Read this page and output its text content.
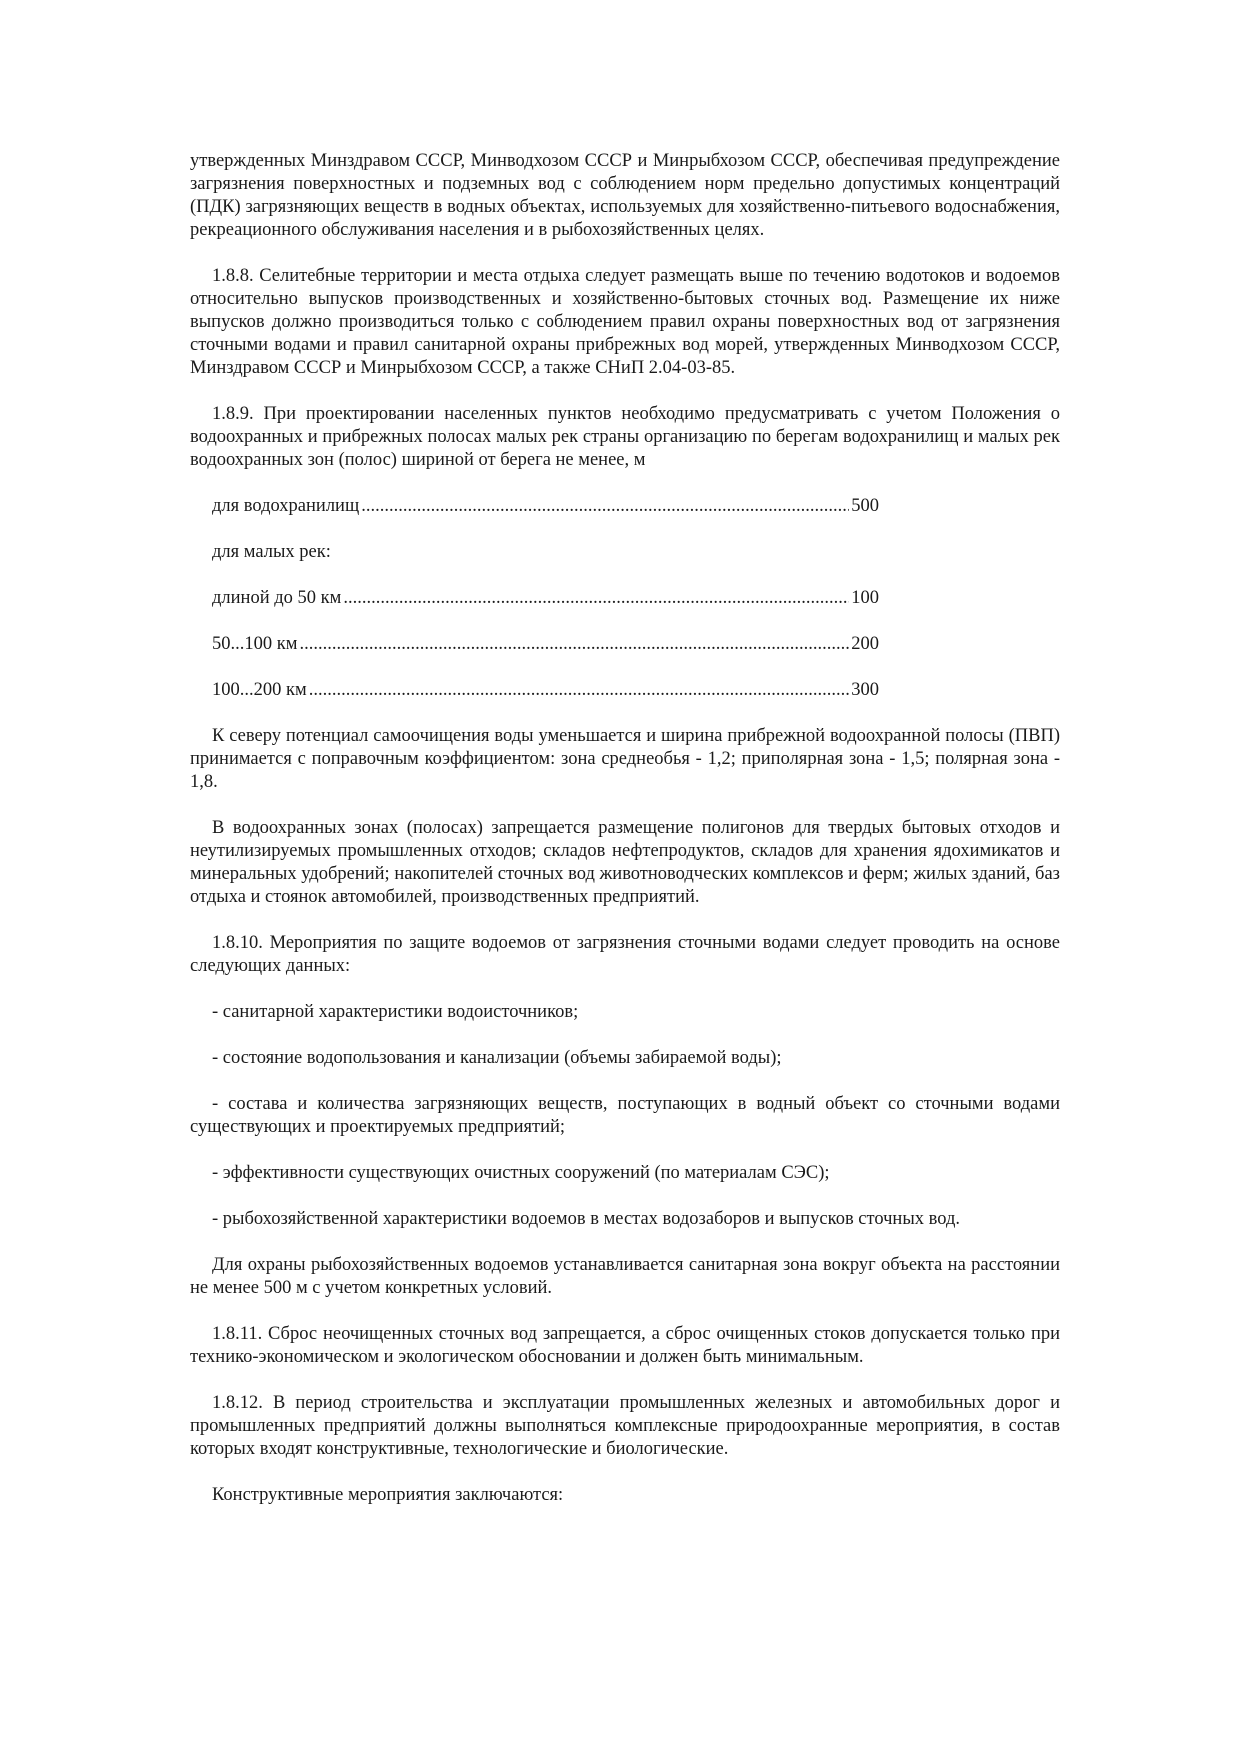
утвержденных Минздравом СССР, Минводхозом СССР и Минрыбхозом СССР, обеспечивая предупреждение загрязнения поверхностных и подземных вод с соблюдением норм предельно допустимых концентраций (ПДК) загрязняющих веществ в водных объектах, используемых для хозяйственно-питьевого водоснабжения, рекреационного обслуживания населения и в рыбохозяйственных целях.

1.8.8. Селитебные территории и места отдыха следует размещать выше по течению водотоков и водоемов относительно выпусков производственных и хозяйственно-бытовых сточных вод. Размещение их ниже выпусков должно производиться только с соблюдением правил охраны поверхностных вод от загрязнения сточными водами и правил санитарной охраны прибрежных вод морей, утвержденных Минводхозом СССР, Минздравом СССР и Минрыбхозом СССР, а также СНиП 2.04-03-85.

1.8.9. При проектировании населенных пунктов необходимо предусматривать с учетом Положения о водоохранных и прибрежных полосах малых рек страны организацию по берегам водохранилищ и малых рек водоохранных зон (полос) шириной от берега не менее, м

для водохранилищ .....	500
для малых рек:
длиной до 50 км .....	100
50...100 км .....	200
100...200 км .....	300

К северу потенциал самоочищения воды уменьшается и ширина прибрежной водоохранной полосы (ПВП) принимается с поправочным коэффициентом: зона среднеобья - 1,2; приполярная зона - 1,5; полярная зона - 1,8.

В водоохранных зонах (полосах) запрещается размещение полигонов для твердых бытовых отходов и неутилизируемых промышленных отходов; складов нефтепродуктов, складов для хранения ядохимикатов и минеральных удобрений; накопителей сточных вод животноводческих комплексов и ферм; жилых зданий, баз отдыха и стоянок автомобилей, производственных предприятий.

1.8.10. Мероприятия по защите водоемов от загрязнения сточными водами следует проводить на основе следующих данных:

- санитарной характеристики водоисточников;

- состояние водопользования и канализации (объемы забираемой воды);

- состава и количества загрязняющих веществ, поступающих в водный объект со сточными водами существующих и проектируемых предприятий;

- эффективности существующих очистных сооружений (по материалам СЭС);

- рыбохозяйственной характеристики водоемов в местах водозаборов и выпусков сточных вод.

Для охраны рыбохозяйственных водоемов устанавливается санитарная зона вокруг объекта на расстоянии не менее 500 м с учетом конкретных условий.

1.8.11. Сброс неочищенных сточных вод запрещается, а сброс очищенных стоков допускается только при технико-экономическом и экологическом обосновании и должен быть минимальным.

1.8.12. В период строительства и эксплуатации промышленных железных и автомобильных дорог и промышленных предприятий должны выполняться комплексные природоохранные мероприятия, в состав которых входят конструктивные, технологические и биологические.

Конструктивные мероприятия заключаются:
